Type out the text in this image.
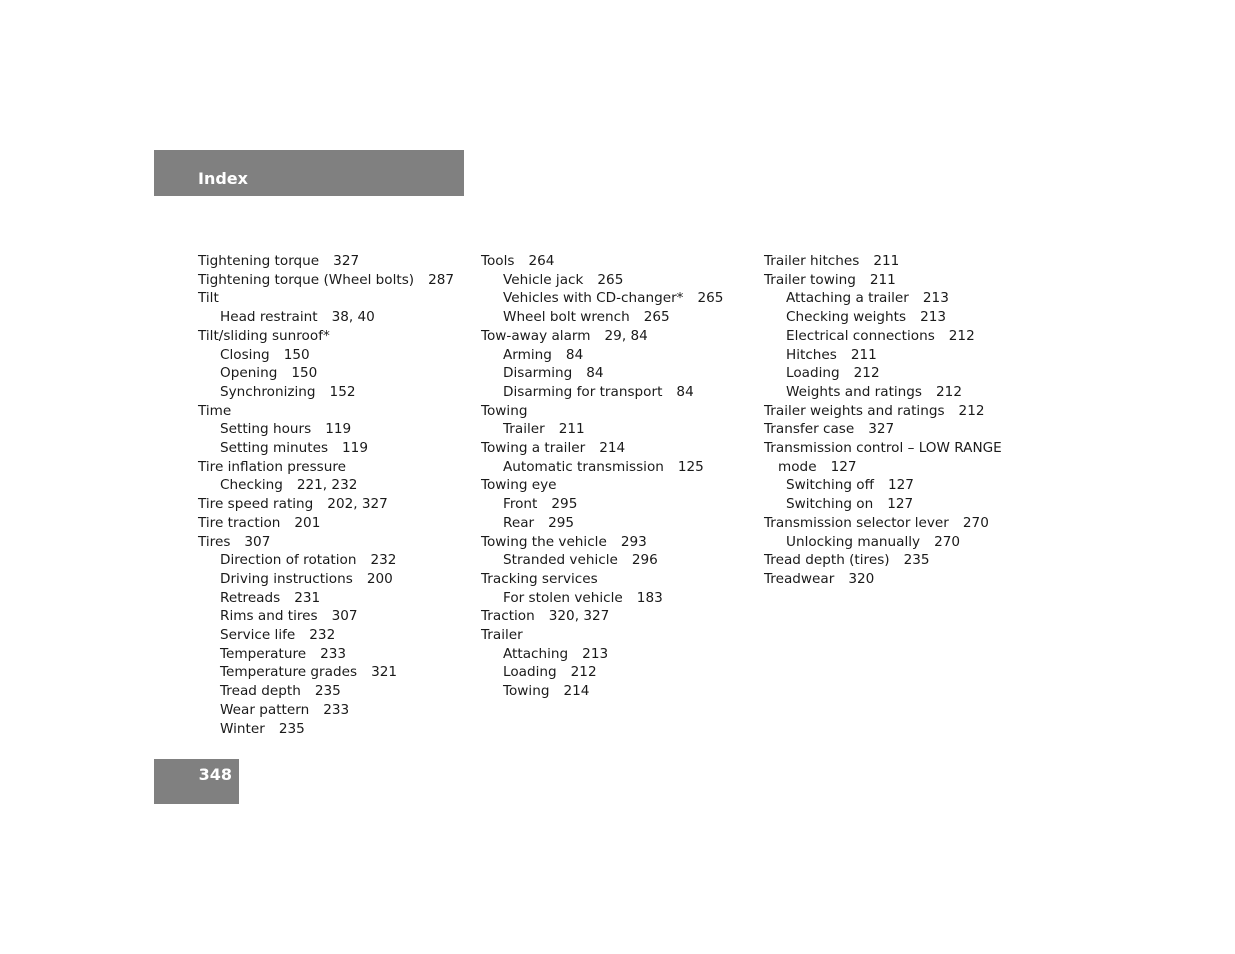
Index
Tightening torque 327
Tightening torque (Wheel bolts) 287
Tilt
Head restraint 38, 40
Tilt/sliding sunroof*
Closing 150
Opening 150
Synchronizing 152
Time
Setting hours 119
Setting minutes 119
Tire inflation pressure
Checking 221, 232
Tire speed rating 202, 327
Tire traction 201
Tires 307
Direction of rotation 232
Driving instructions 200
Retreads 231
Rims and tires 307
Service life 232
Temperature 233
Temperature grades 321
Tread depth 235
Wear pattern 233
Winter 235
Tools 264
Vehicle jack 265
Vehicles with CD-changer* 265
Wheel bolt wrench 265
Tow-away alarm 29, 84
Arming 84
Disarming 84
Disarming for transport 84
Towing
Trailer 211
Towing a trailer 214
Automatic transmission 125
Towing eye
Front 295
Rear 295
Towing the vehicle 293
Stranded vehicle 296
Tracking services
For stolen vehicle 183
Traction 320, 327
Trailer
Attaching 213
Loading 212
Towing 214
Trailer hitches 211
Trailer towing 211
Attaching a trailer 213
Checking weights 213
Electrical connections 212
Hitches 211
Loading 212
Weights and ratings 212
Trailer weights and ratings 212
Transfer case 327
Transmission control – LOW RANGE
mode 127
Switching off 127
Switching on 127
Transmission selector lever 270
Unlocking manually 270
Tread depth (tires) 235
Treadwear 320
348
